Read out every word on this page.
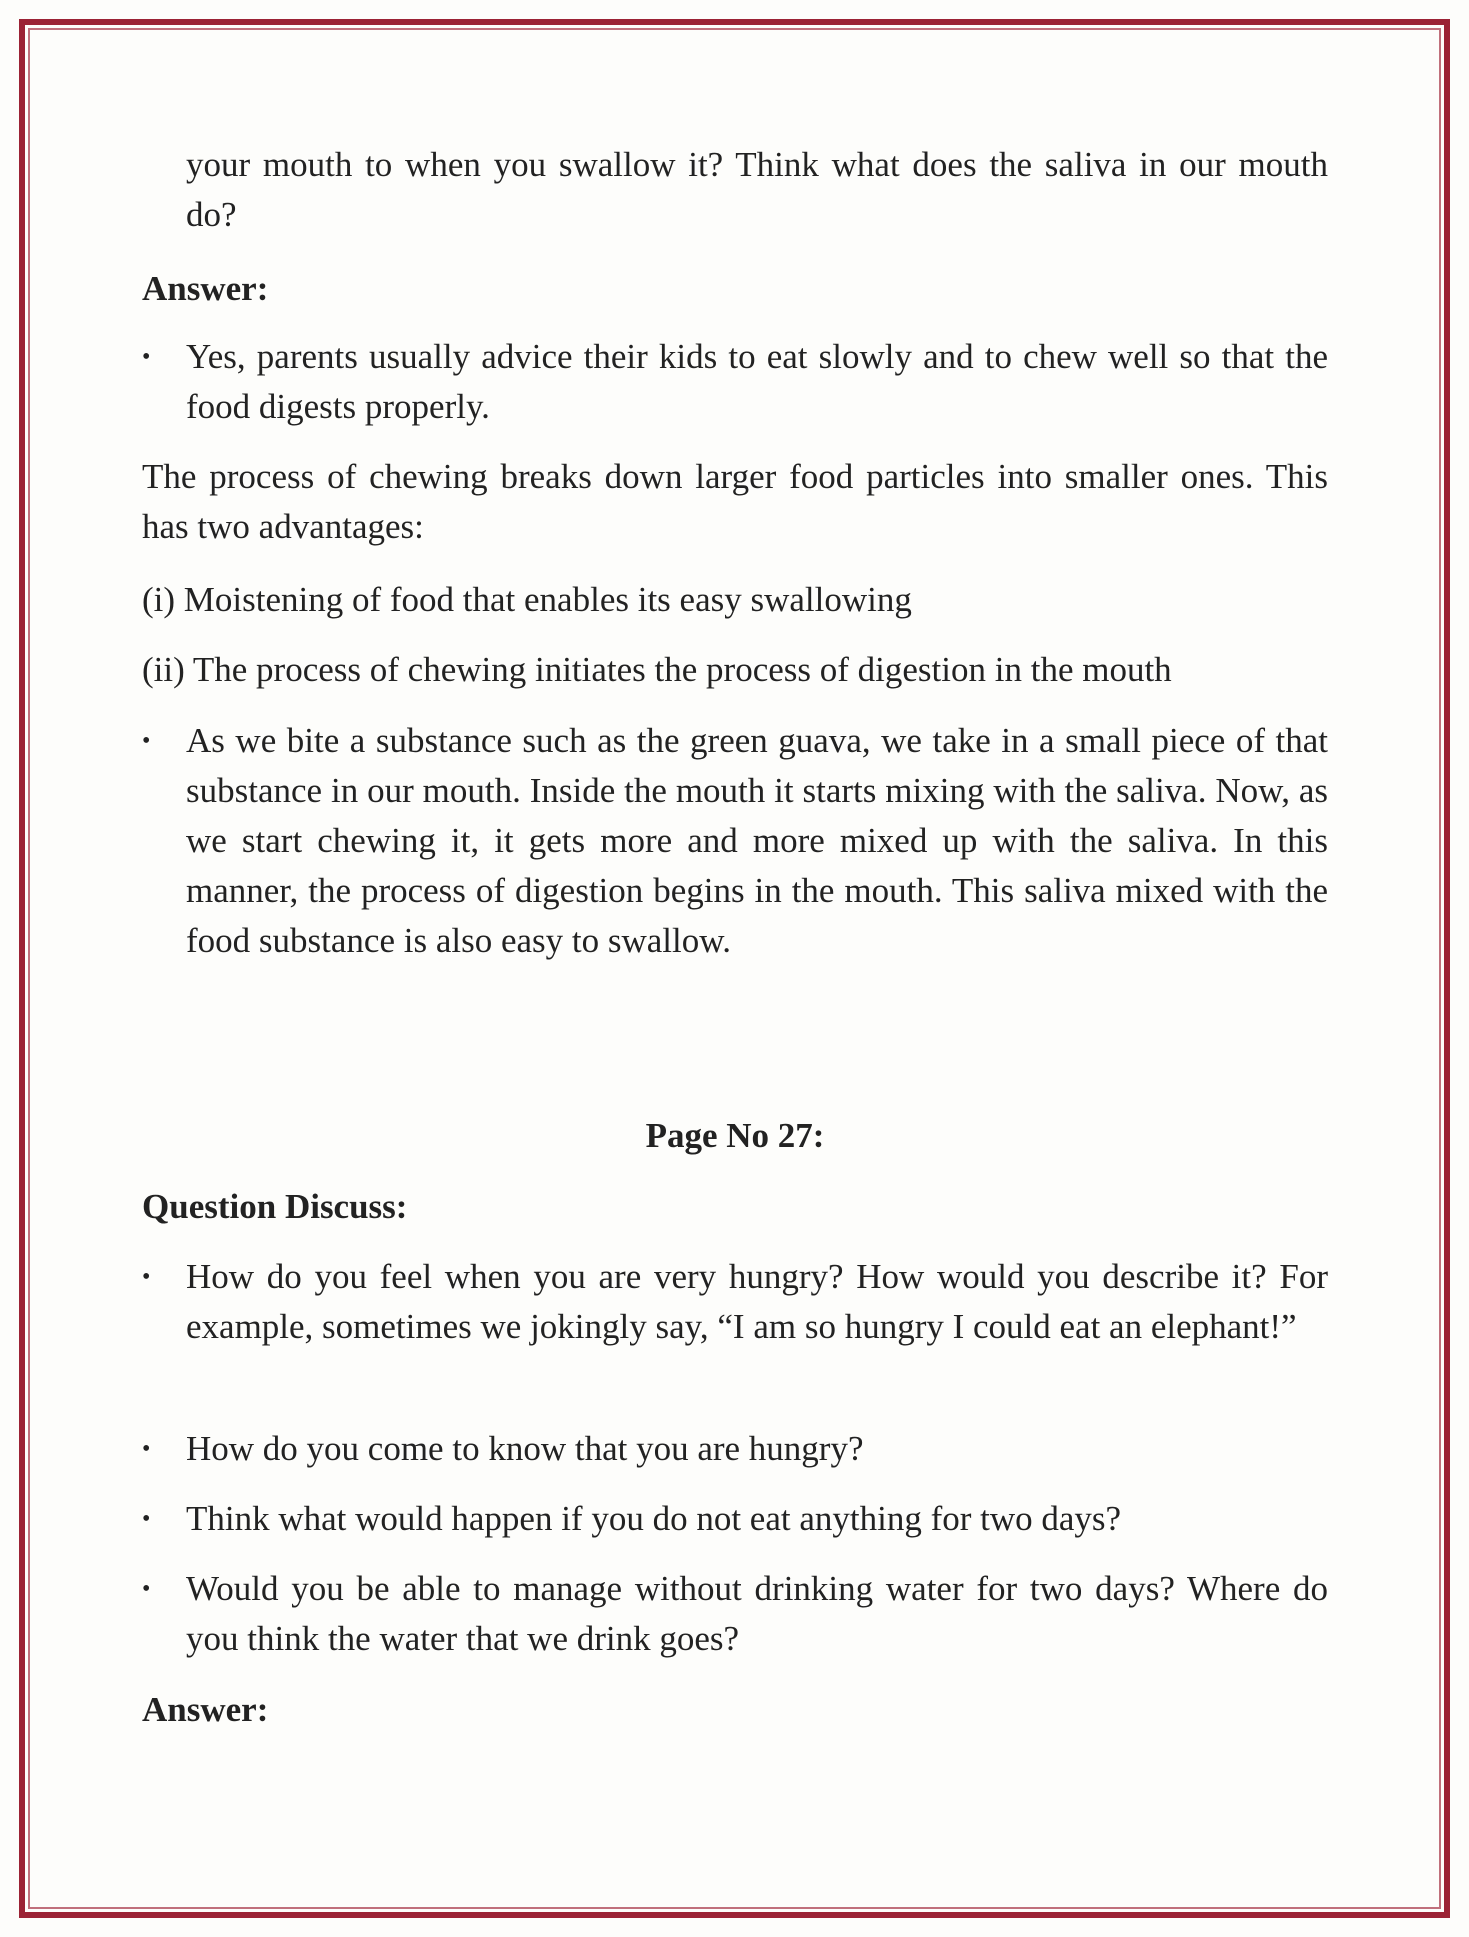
your mouth to when you swallow it? Think what does the saliva in our mouth do?

Answer:

• Yes, parents usually advice their kids to eat slowly and to chew well so that the food digests properly.

The process of chewing breaks down larger food particles into smaller ones. This has two advantages:

(i) Moistening of food that enables its easy swallowing

(ii) The process of chewing initiates the process of digestion in the mouth

• As we bite a substance such as the green guava, we take in a small piece of that substance in our mouth. Inside the mouth it starts mixing with the saliva. Now, as we start chewing it, it gets more and more mixed up with the saliva. In this manner, the process of digestion begins in the mouth. This saliva mixed with the food substance is also easy to swallow.

Page No 27:

Question Discuss:

• How do you feel when you are very hungry? How would you describe it? For example, sometimes we jokingly say, “I am so hungry I could eat an elephant!”

• How do you come to know that you are hungry?

• Think what would happen if you do not eat anything for two days?

• Would you be able to manage without drinking water for two days? Where do you think the water that we drink goes?

Answer:
